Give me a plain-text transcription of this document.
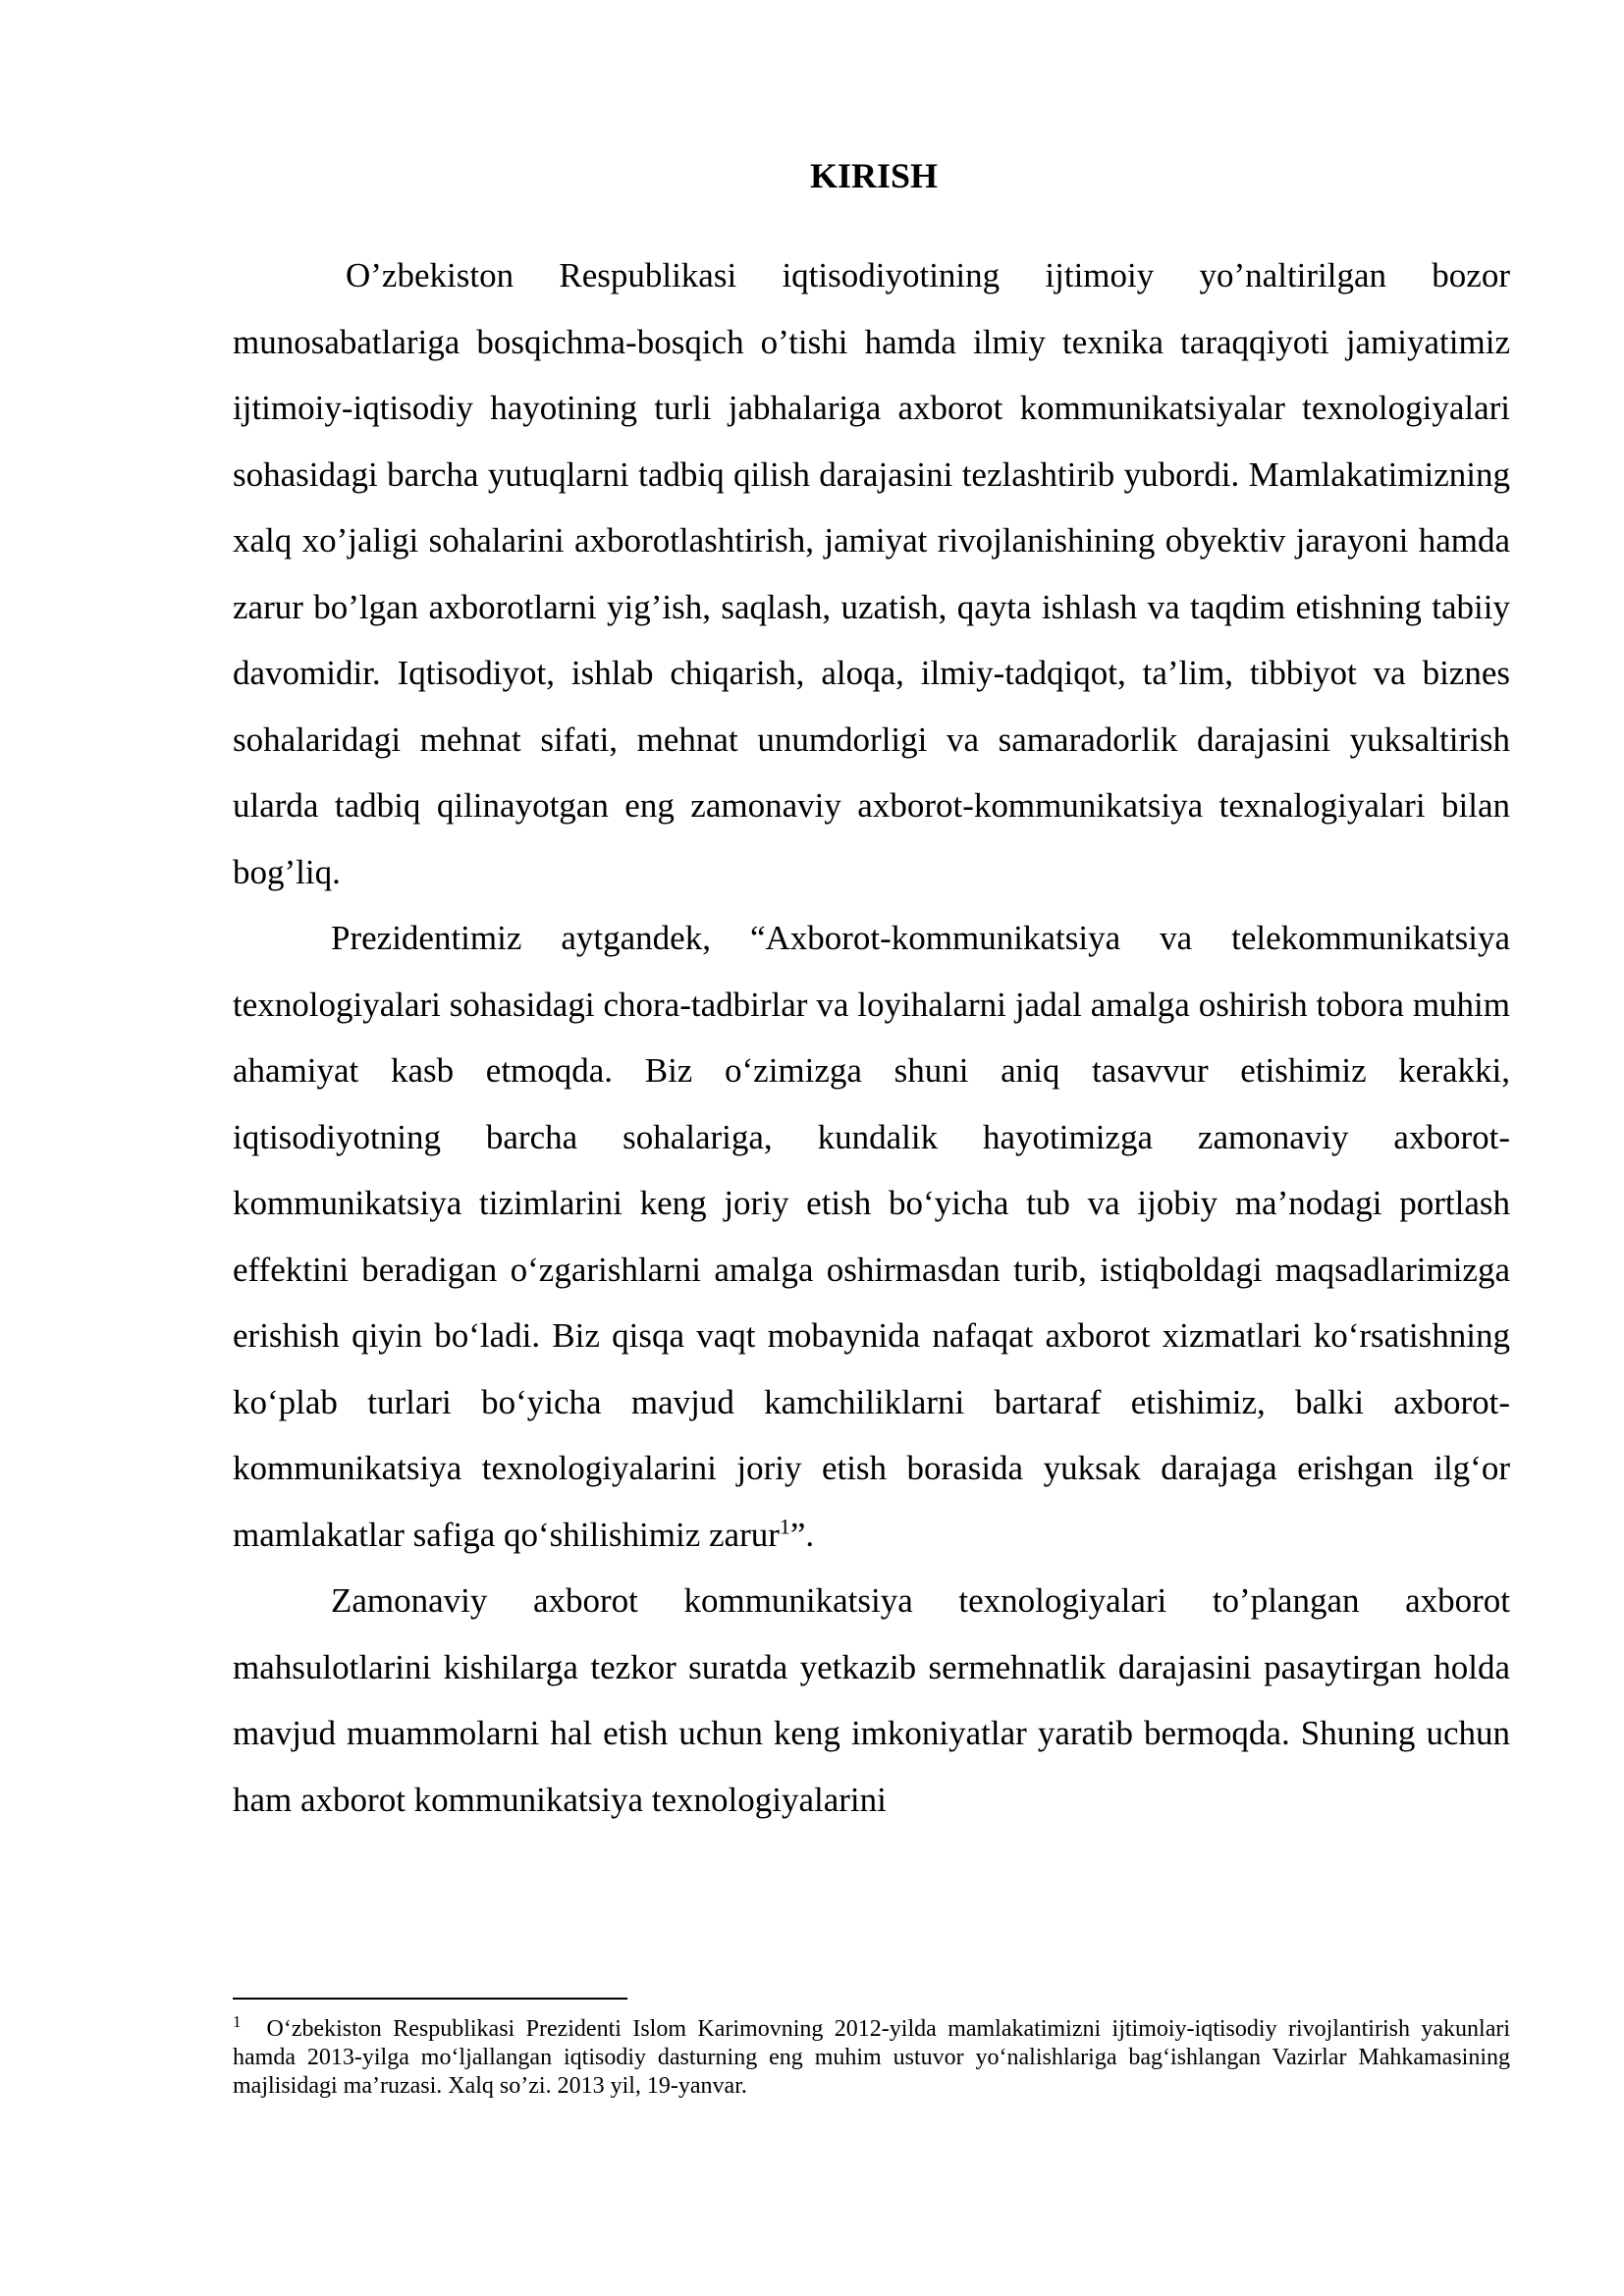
KIRISH

O’zbekiston Respublikasi iqtisodiyotining ijtimoiy yo’naltirilgan bozor munosabatlariga bosqichma-bosqich o’tishi hamda ilmiy texnika taraqqiyoti jamiyatimiz ijtimoiy-iqtisodiy hayotining turli jabhalariga axborot kommunikatsiyalar texnologiyalari sohasidagi barcha yutuqlarni tadbiq qilish darajasini tezlashtirib yubordi. Mamlakatimizning xalq xo’jaligi sohalarini axborotlashtirish, jamiyat rivojlanishining obyektiv jarayoni hamda zarur bo’lgan axborotlarni yig’ish, saqlash, uzatish, qayta ishlash va taqdim etishning tabiiy davomidir. Iqtisodiyot, ishlab chiqarish, aloqa, ilmiy-tadqiqot, ta’lim, tibbiyot va biznes sohalaridagi mehnat sifati, mehnat unumdorligi va samaradorlik darajasini yuksaltirish ularda tadbiq qilinayotgan eng zamonaviy axborot-kommunikatsiya texnalogiyalari bilan bog’liq.

Prezidentimiz aytgandek, “Axborot-kommunikatsiya va telekommunikatsiya texnologiyalari sohasidagi chora-tadbirlar va loyihalarni jadal amalga oshirish tobora muhim ahamiyat kasb etmoqda. Biz o‘zimizga shuni aniq tasavvur etishimiz kerakki, iqtisodiyotning barcha sohalariga, kundalik hayotimizga zamonaviy axborot-kommunikatsiya tizimlarini keng joriy etish bo‘yicha tub va ijobiy ma’nodagi portlash effektini beradigan o‘zgarishlarni amalga oshirmasdan turib, istiqboldagi maqsadlarimizga erishish qiyin bo‘ladi. Biz qisqa vaqt mobaynida nafaqat axborot xizmatlari ko‘rsatishning ko‘plab turlari bo‘yicha mavjud kamchiliklarni bartaraf etishimiz, balki axborot-kommunikatsiya texnologiyalarini joriy etish borasida yuksak darajaga erishgan ilg‘or mamlakatlar safiga qo‘shilishimiz zarur$^1$”.

Zamonaviy axborot kommunikatsiya texnologiyalari to’plangan axborot mahsulotlarini kishilarga tezkor suratda yetkazib sermehnatlik darajasini pasaytirgan holda mavjud muammolarni hal etish uchun keng imkoniyatlar yaratib bermoqda. Shuning uchun ham axborot kommunikatsiya texnologiyalarini

$^1$ O‘zbekiston Respublikasi Prezidenti Islom Karimovning 2012-yilda mamlakatimizni ijtimoiy-iqtisodiy rivojlantirish yakunlari hamda 2013-yilga mo‘ljallangan iqtisodiy dasturning eng muhim ustuvor yo‘nalishlariga bag‘ishlangan Vazirlar Mahkamasining majlisidagi ma’ruzasi. Xalq so’zi. 2013 yil, 19-yanvar.
